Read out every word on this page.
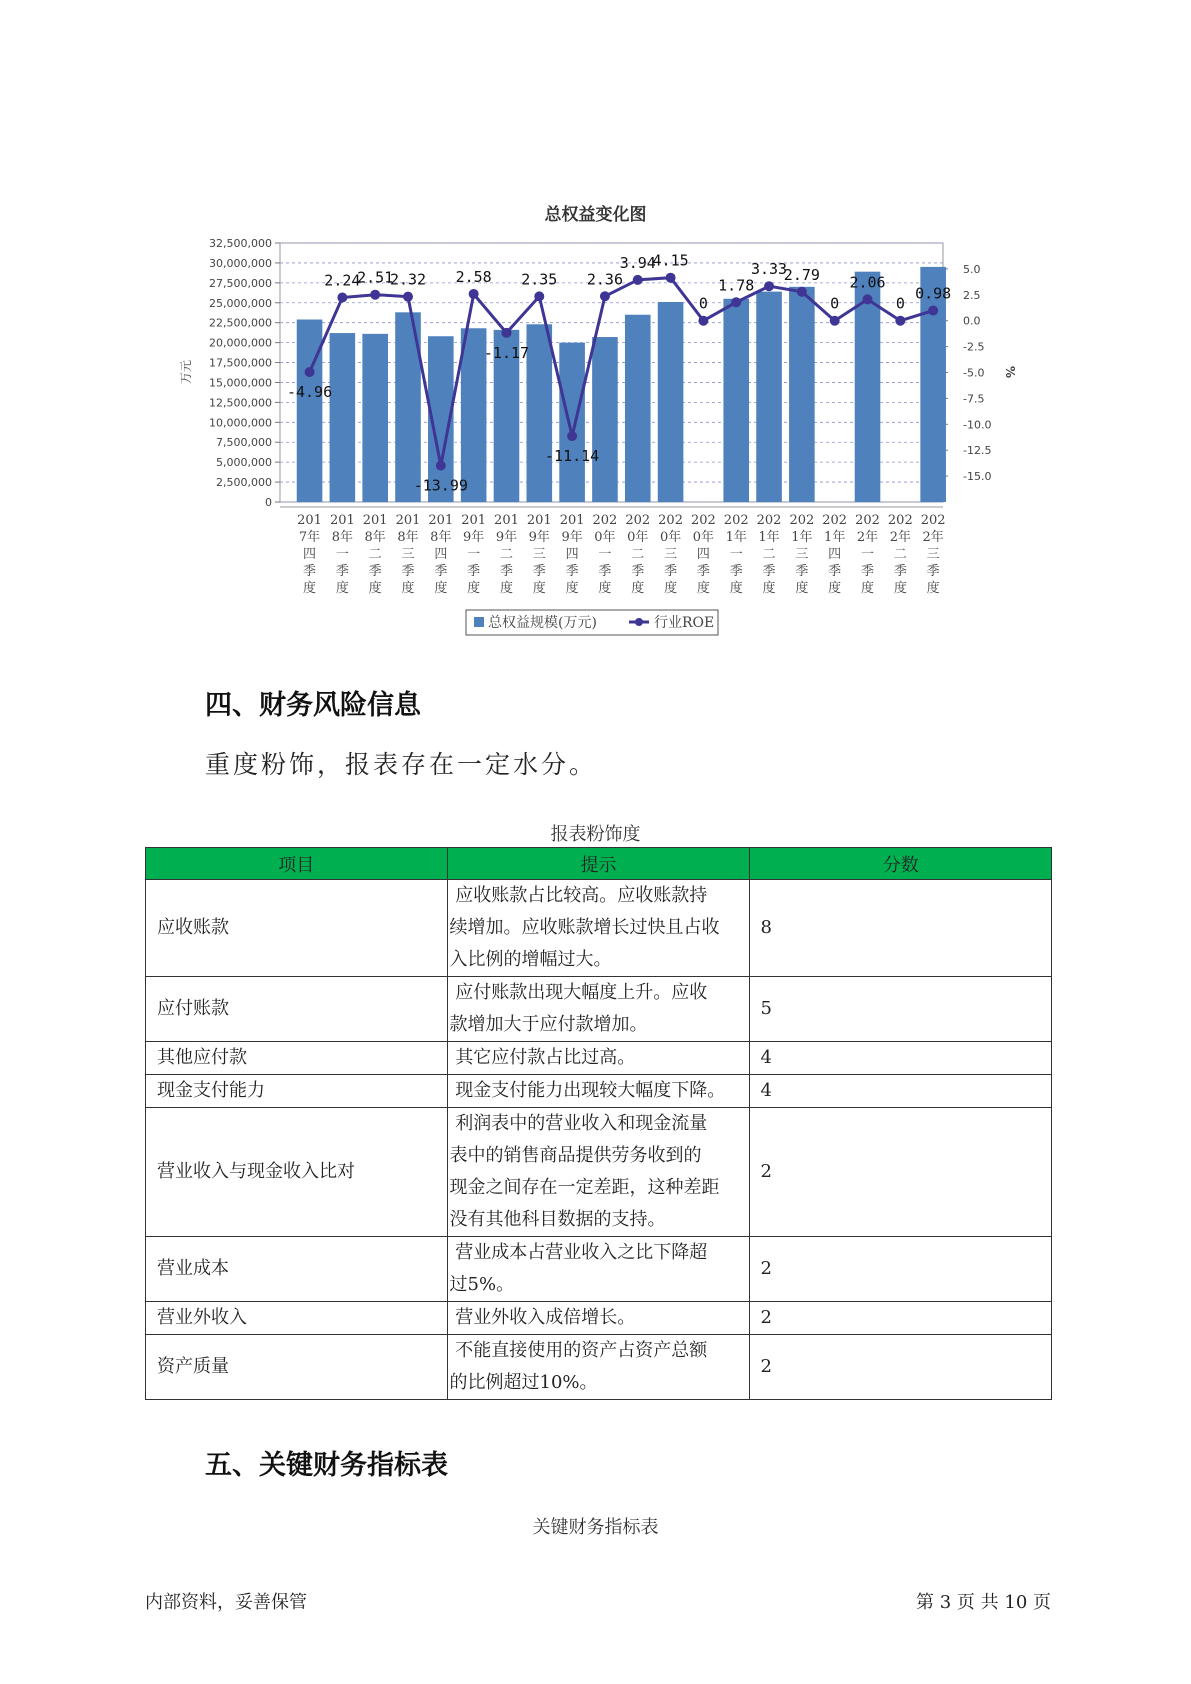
总权益变化图
32,500,000
30,000,000
27,500,000
25,000,000
22,500,000
20,000,000
17,500,000
15,000,000
12,500,000
10,000,000
7,500,000
5,000,000
2,500,000
0
5.0
2.5
0.0
-2.5
-5.0
-7.5
-10.0
-12.5
-15.0
万元	%
-4.96
2.24
2.51
2.32
-13.99
2.58
-1.17
2.35
-11.14
2.36
3.94
4.15
0
1.78
3.33
2.79
0
2.06
0
0.98
201
7年
四
季
度
201
8年
一
季
度
201
8年
二
季
度
201
8年
三
季
度
201
8年
四
季
度
201
9年
一
季
度
201
9年
二
季
度
201
9年
三
季
度
201
9年
四
季
度
202
0年
一
季
度
202
0年
二
季
度
202
0年
三
季
度
202
0年
四
季
度
202
1年
一
季
度
202
1年
二
季
度
202
1年
三
季
度
202
1年
四
季
度
202
2年
一
季
度
202
2年
二
季
度
202
2年
三
季
度
总权益规模(万元)	行业ROE
四、财务风险信息
重度粉饰，报表存在一定水分。
报表粉饰度
项目	提示	分数
应收账款	应收账款占比较高。应收账款持
续增加。应收账款增长过快且占收
入比例的增幅过大。	8
应付账款	应付账款出现大幅度上升。应收
款增加大于应付款增加。	5
其他应付款	其它应付款占比过高。	4
现金支付能力	现金支付能力出现较大幅度下降。	4
营业收入与现金收入比对	利润表中的营业收入和现金流量
表中的销售商品提供劳务收到的
现金之间存在一定差距，这种差距
没有其他科目数据的支持。	2
营业成本	营业成本占营业收入之比下降超
过5%。	2
营业外收入	营业外收入成倍增长。	2
资产质量	不能直接使用的资产占资产总额
的比例超过10%。	2
五、关键财务指标表
关键财务指标表
内部资料，妥善保管	第 3 页 共 10 页
